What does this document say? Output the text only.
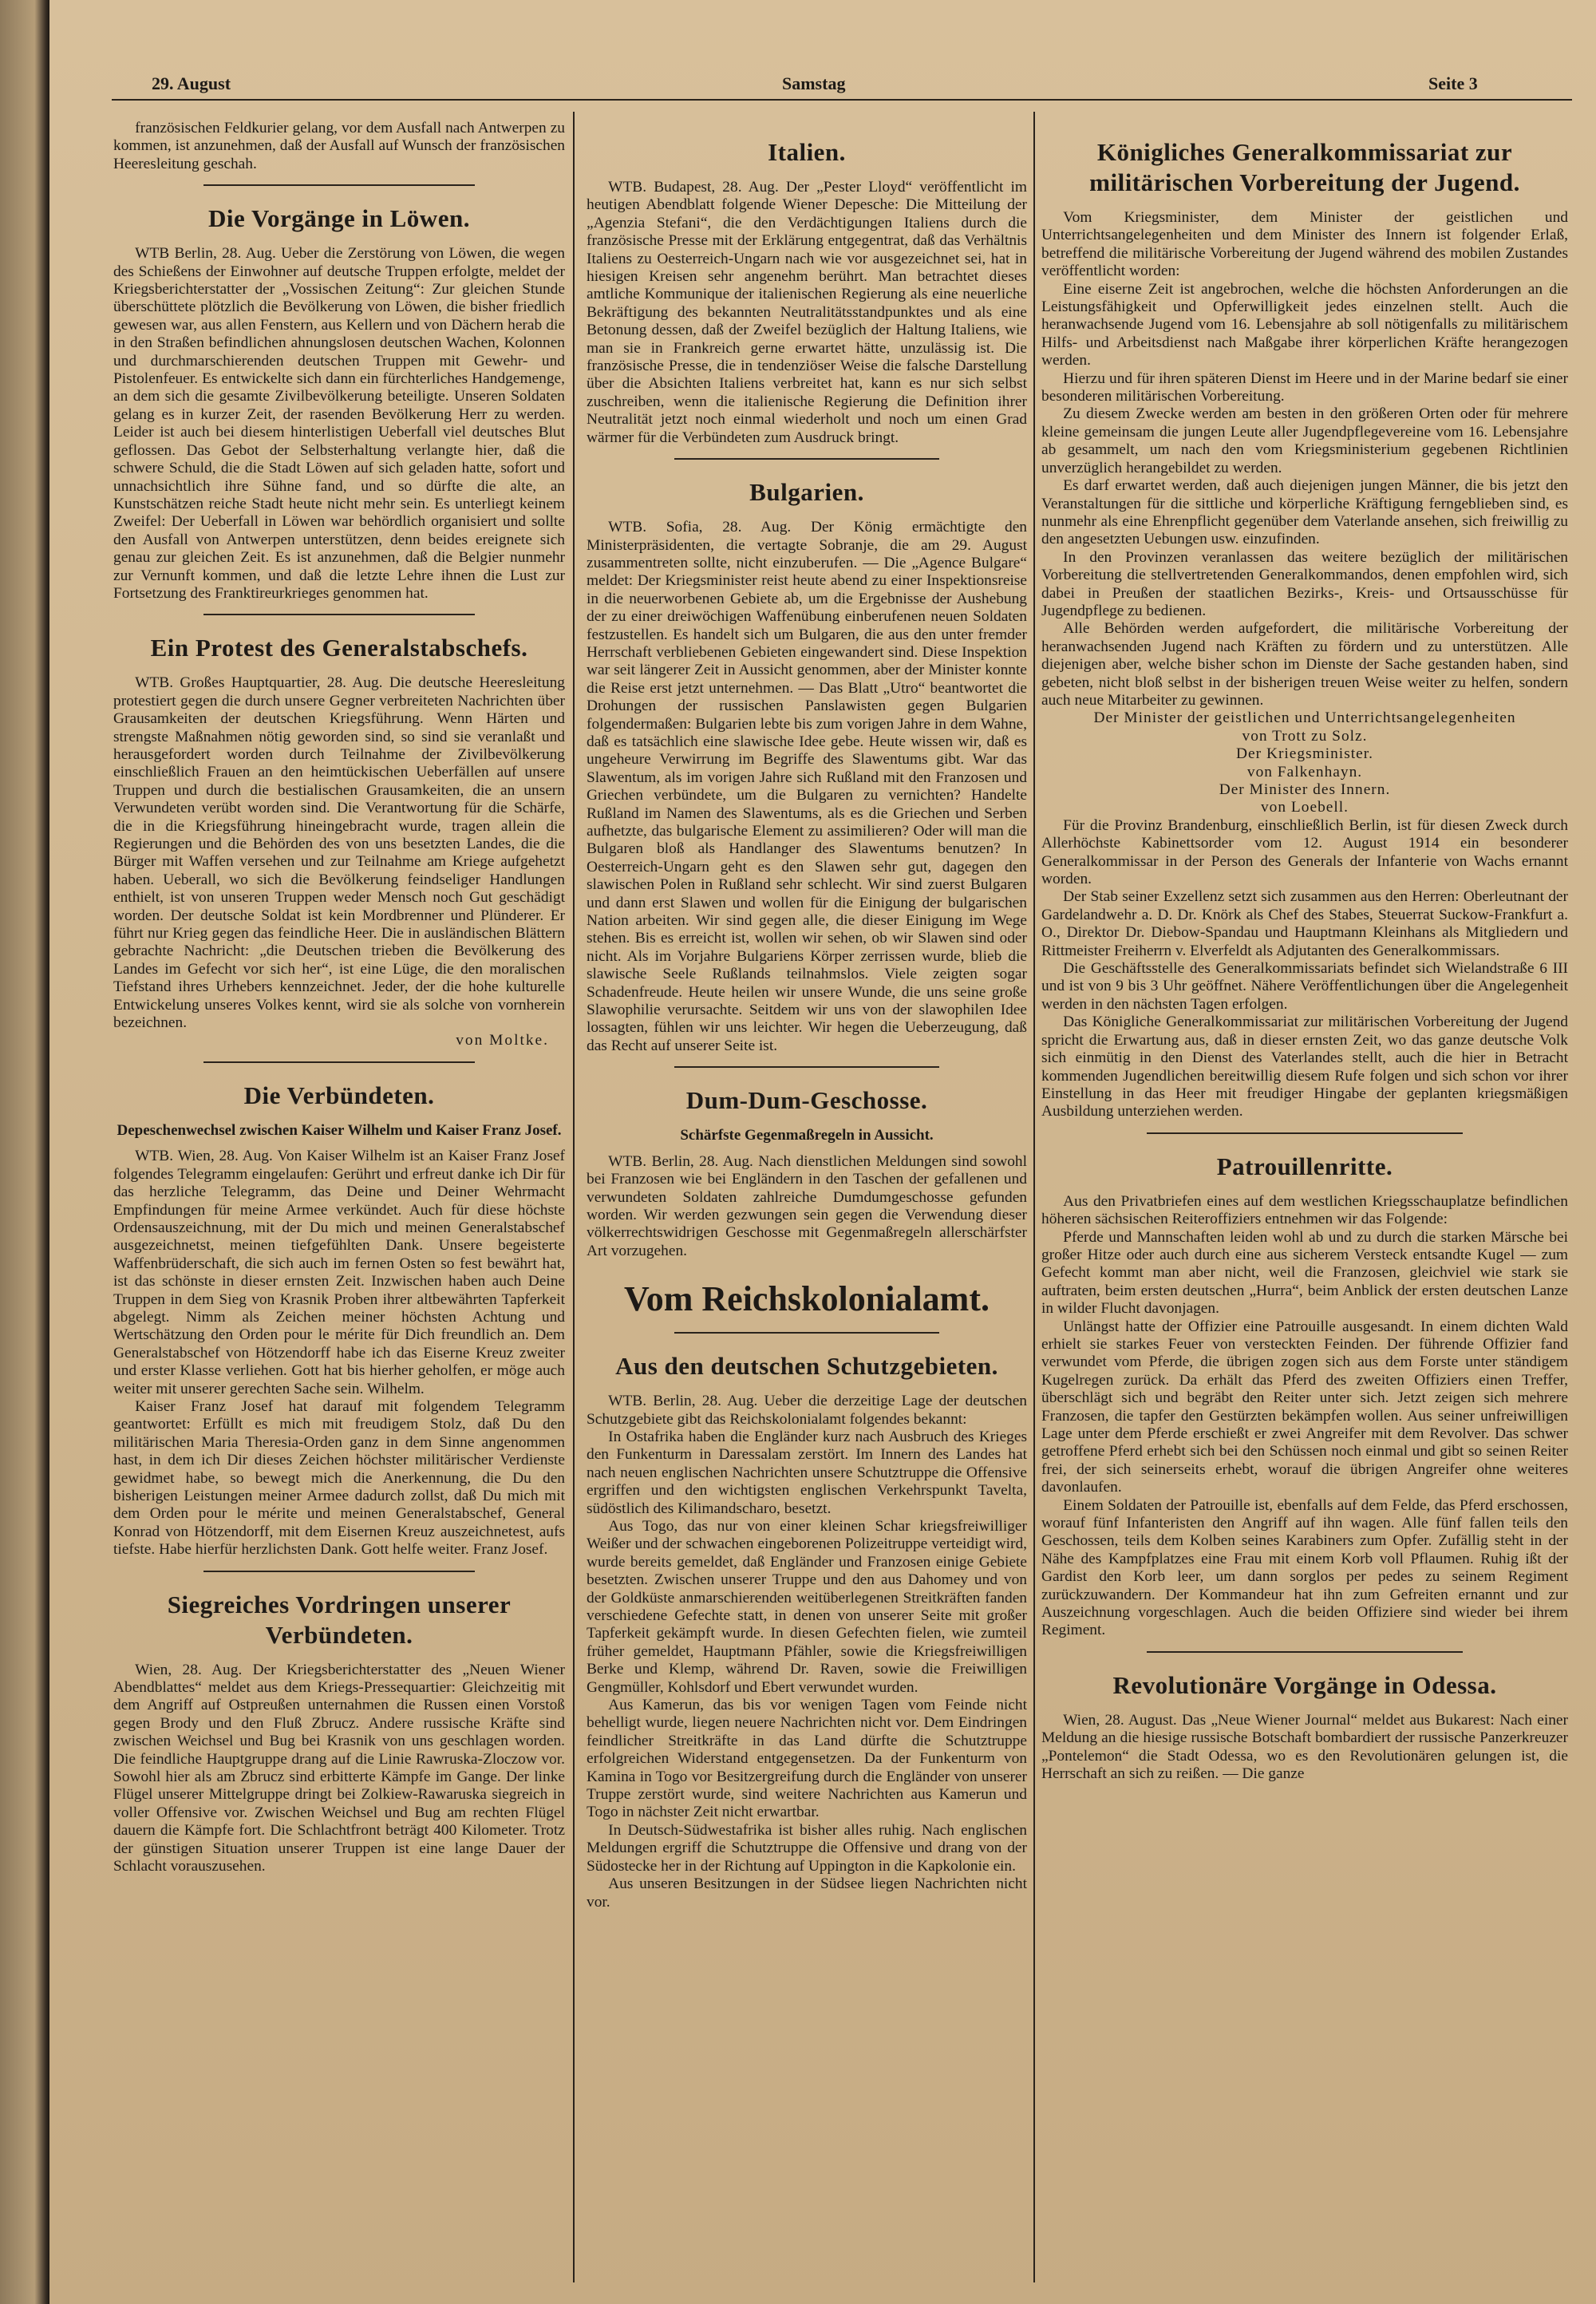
29. August	Samstag	Seite 3

französischen Feldkurier gelang, vor dem Ausfall nach Antwerpen zu kommen, ist anzunehmen, daß der Ausfall auf Wunsch der französischen Heeresleitung geschah.

Die Vorgänge in Löwen.

WTB Berlin, 28. Aug. Ueber die Zerstörung von Löwen, die wegen des Schießens der Einwohner auf deutsche Truppen erfolgte, meldet der Kriegsberichterstatter der „Vossischen Zeitung“: Zur gleichen Stunde überschüttete plötzlich die Bevölkerung von Löwen, die bisher friedlich gewesen war, aus allen Fenstern, aus Kellern und von Dächern herab die in den Straßen befindlichen ahnungslosen deutschen Wachen, Kolonnen und durchmarschierenden deutschen Truppen mit Gewehr- und Pistolenfeuer. Es entwickelte sich dann ein fürchterliches Handgemenge, an dem sich die gesamte Zivilbevölkerung beteiligte. Unseren Soldaten gelang es in kurzer Zeit, der rasenden Bevölkerung Herr zu werden. Leider ist auch bei diesem hinterlistigen Ueberfall viel deutsches Blut geflossen. Das Gebot der Selbsterhaltung verlangte hier, daß die schwere Schuld, die die Stadt Löwen auf sich geladen hatte, sofort und unnachsichtlich ihre Sühne fand, und so dürfte die alte, an Kunstschätzen reiche Stadt heute nicht mehr sein. Es unterliegt keinem Zweifel: Der Ueberfall in Löwen war behördlich organisiert und sollte den Ausfall von Antwerpen unterstützen, denn beides ereignete sich genau zur gleichen Zeit. Es ist anzunehmen, daß die Belgier nunmehr zur Vernunft kommen, und daß die letzte Lehre ihnen die Lust zur Fortsetzung des Franktireurkrieges genommen hat.

Ein Protest des Generalstabschefs.

WTB. Großes Hauptquartier, 28. Aug. Die deutsche Heeresleitung protestiert gegen die durch unsere Gegner verbreiteten Nachrichten über Grausamkeiten der deutschen Kriegsführung. Wenn Härten und strengste Maßnahmen nötig geworden sind, so sind sie veranlaßt und herausgefordert worden durch Teilnahme der Zivilbevölkerung einschließlich Frauen an den heimtückischen Ueberfällen auf unsere Truppen und durch die bestialischen Grausamkeiten, die an unsern Verwundeten verübt worden sind. Die Verantwortung für die Schärfe, die in die Kriegsführung hineingebracht wurde, tragen allein die Regierungen und die Behörden des von uns besetzten Landes, die die Bürger mit Waffen versehen und zur Teilnahme am Kriege aufgehetzt haben. Ueberall, wo sich die Bevölkerung feindseliger Handlungen enthielt, ist von unseren Truppen weder Mensch noch Gut geschädigt worden. Der deutsche Soldat ist kein Mordbrenner und Plünderer. Er führt nur Krieg gegen das feindliche Heer. Die in ausländischen Blättern gebrachte Nachricht: „die Deutschen trieben die Bevölkerung des Landes im Gefecht vor sich her“, ist eine Lüge, die den moralischen Tiefstand ihres Urhebers kennzeichnet. Jeder, der die hohe kulturelle Entwickelung unseres Volkes kennt, wird sie als solche von vornherein bezeichnen.

von Moltke.
Die Verbündeten.
Depeschenwechsel zwischen Kaiser Wilhelm und Kaiser Franz Josef.

WTB. Wien, 28. Aug. Von Kaiser Wilhelm ist an Kaiser Franz Josef folgendes Telegramm eingelaufen: Gerührt und erfreut danke ich Dir für das herzliche Telegramm, das Deine und Deiner Wehrmacht Empfindungen für meine Armee verkündet. Auch für diese höchste Ordensauszeichnung, mit der Du mich und meinen Generalstabschef ausgezeichnetst, meinen tiefgefühlten Dank. Unsere begeisterte Waffenbrüderschaft, die sich auch im fernen Osten so fest bewährt hat, ist das schönste in dieser ernsten Zeit. Inzwischen haben auch Deine Truppen in dem Sieg von Krasnik Proben ihrer altbewährten Tapferkeit abgelegt. Nimm als Zeichen meiner höchsten Achtung und Wertschätzung den Orden pour le mérite für Dich freundlich an. Dem Generalstabschef von Hötzendorff habe ich das Eiserne Kreuz zweiter und erster Klasse verliehen. Gott hat bis hierher geholfen, er möge auch weiter mit unserer gerechten Sache sein. Wilhelm.

Kaiser Franz Josef hat darauf mit folgendem Telegramm geantwortet: Erfüllt es mich mit freudigem Stolz, daß Du den militärischen Maria Theresia-Orden ganz in dem Sinne angenommen hast, in dem ich Dir dieses Zeichen höchster militärischer Verdienste gewidmet habe, so bewegt mich die Anerkennung, die Du den bisherigen Leistungen meiner Armee dadurch zollst, daß Du mich mit dem Orden pour le mérite und meinen Generalstabschef, General Konrad von Hötzendorff, mit dem Eisernen Kreuz auszeichnetest, aufs tiefste. Habe hierfür herzlichsten Dank. Gott helfe weiter. Franz Josef.

Siegreiches Vordringen unserer Verbündeten.

Wien, 28. Aug. Der Kriegsberichterstatter des „Neuen Wiener Abendblattes“ meldet aus dem Kriegs-Pressequartier: Gleichzeitig mit dem Angriff auf Ostpreußen unternahmen die Russen einen Vorstoß gegen Brody und den Fluß Zbrucz. Andere russische Kräfte sind zwischen Weichsel und Bug bei Krasnik von uns geschlagen worden. Die feindliche Hauptgruppe drang auf die Linie Rawruska-Zloczow vor. Sowohl hier als am Zbrucz sind erbitterte Kämpfe im Gange. Der linke Flügel unserer Mittelgruppe dringt bei Zolkiew-Rawaruska siegreich in voller Offensive vor. Zwischen Weichsel und Bug am rechten Flügel dauern die Kämpfe fort. Die Schlachtfront beträgt 400 Kilometer. Trotz der günstigen Situation unserer Truppen ist eine lange Dauer der Schlacht vorauszusehen.

Italien.

WTB. Budapest, 28. Aug. Der „Pester Lloyd“ veröffentlicht im heutigen Abendblatt folgende Wiener Depesche: Die Mitteilung der „Agenzia Stefani“, die den Verdächtigungen Italiens durch die französische Presse mit der Erklärung entgegentrat, daß das Verhältnis Italiens zu Oesterreich-Ungarn nach wie vor ausgezeichnet sei, hat in hiesigen Kreisen sehr angenehm berührt. Man betrachtet dieses amtliche Kommunique der italienischen Regierung als eine neuerliche Bekräftigung des bekannten Neutralitätsstandpunktes und als eine Betonung dessen, daß der Zweifel bezüglich der Haltung Italiens, wie man sie in Frankreich gerne erwartet hätte, unzulässig ist. Die französische Presse, die in tendenziöser Weise die falsche Darstellung über die Absichten Italiens verbreitet hat, kann es nur sich selbst zuschreiben, wenn die italienische Regierung die Definition ihrer Neutralität jetzt noch einmal wiederholt und noch um einen Grad wärmer für die Verbündeten zum Ausdruck bringt.

Bulgarien.

WTB. Sofia, 28. Aug. Der König ermächtigte den Ministerpräsidenten, die vertagte Sobranje, die am 29. August zusammentreten sollte, nicht einzuberufen. — Die „Agence Bulgare“ meldet: Der Kriegsminister reist heute abend zu einer Inspektionsreise in die neuerworbenen Gebiete ab, um die Ergebnisse der Aushebung der zu einer dreiwöchigen Waffenübung einberufenen neuen Soldaten festzustellen. Es handelt sich um Bulgaren, die aus den unter fremder Herrschaft verbliebenen Gebieten eingewandert sind. Diese Inspektion war seit längerer Zeit in Aussicht genommen, aber der Minister konnte die Reise erst jetzt unternehmen. — Das Blatt „Utro“ beantwortet die Drohungen der russischen Panslawisten gegen Bulgarien folgendermaßen: Bulgarien lebte bis zum vorigen Jahre in dem Wahne, daß es tatsächlich eine slawische Idee gebe. Heute wissen wir, daß es ungeheure Verwirrung im Begriffe des Slawentums gibt. War das Slawentum, als im vorigen Jahre sich Rußland mit den Franzosen und Griechen verbündete, um die Bulgaren zu vernichten? Handelte Rußland im Namen des Slawentums, als es die Griechen und Serben aufhetzte, das bulgarische Element zu assimilieren? Oder will man die Bulgaren bloß als Handlanger des Slawentums benutzen? In Oesterreich-Ungarn geht es den Slawen sehr gut, dagegen den slawischen Polen in Rußland sehr schlecht. Wir sind zuerst Bulgaren und dann erst Slawen und wollen für die Einigung der bulgarischen Nation arbeiten. Wir sind gegen alle, die dieser Einigung im Wege stehen. Bis es erreicht ist, wollen wir sehen, ob wir Slawen sind oder nicht. Als im Vorjahre Bulgariens Körper zerrissen wurde, blieb die slawische Seele Rußlands teilnahmslos. Viele zeigten sogar Schadenfreude. Heute heilen wir unsere Wunde, die uns seine große Slawophilie verursachte. Seitdem wir uns von der slawophilen Idee lossagten, fühlen wir uns leichter. Wir hegen die Ueberzeugung, daß das Recht auf unserer Seite ist.

Dum-Dum-Geschosse.
Schärfste Gegenmaßregeln in Aussicht.

WTB. Berlin, 28. Aug. Nach dienstlichen Meldungen sind sowohl bei Franzosen wie bei Engländern in den Taschen der gefallenen und verwundeten Soldaten zahlreiche Dumdumgeschosse gefunden worden. Wir werden gezwungen sein gegen die Verwendung dieser völkerrechtswidrigen Geschosse mit Gegenmaßregeln allerschärfster Art vorzugehen.

Vom Reichskolonialamt.
Aus den deutschen Schutzgebieten.

WTB. Berlin, 28. Aug. Ueber die derzeitige Lage der deutschen Schutzgebiete gibt das Reichskolonialamt folgendes bekannt:

In Ostafrika haben die Engländer kurz nach Ausbruch des Krieges den Funkenturm in Daressalam zerstört. Im Innern des Landes hat nach neuen englischen Nachrichten unsere Schutztruppe die Offensive ergriffen und den wichtigsten englischen Verkehrspunkt Tavelta, südöstlich des Kilimandscharo, besetzt.

Aus Togo, das nur von einer kleinen Schar kriegsfreiwilliger Weißer und der schwachen eingeborenen Polizeitruppe verteidigt wird, wurde bereits gemeldet, daß Engländer und Franzosen einige Gebiete besetzten. Zwischen unserer Truppe und den aus Dahomey und von der Goldküste anmarschierenden weitüberlegenen Streitkräften fanden verschiedene Gefechte statt, in denen von unserer Seite mit großer Tapferkeit gekämpft wurde. In diesen Gefechten fielen, wie zumteil früher gemeldet, Hauptmann Pfähler, sowie die Kriegsfreiwilligen Berke und Klemp, während Dr. Raven, sowie die Freiwilligen Gengmüller, Kohlsdorf und Ebert verwundet wurden.

Aus Kamerun, das bis vor wenigen Tagen vom Feinde nicht behelligt wurde, liegen neuere Nachrichten nicht vor. Dem Eindringen feindlicher Streitkräfte in das Land dürfte die Schutztruppe erfolgreichen Widerstand entgegensetzen. Da der Funkenturm von Kamina in Togo vor Besitzergreifung durch die Engländer von unserer Truppe zerstört wurde, sind weitere Nachrichten aus Kamerun und Togo in nächster Zeit nicht erwartbar.

In Deutsch-Südwestafrika ist bisher alles ruhig. Nach englischen Meldungen ergriff die Schutztruppe die Offensive und drang von der Südostecke her in der Richtung auf Uppington in die Kapkolonie ein.

Aus unseren Besitzungen in der Südsee liegen Nachrichten nicht vor.

Königliches Generalkommissariat zur militärischen Vorbereitung der Jugend.

Vom Kriegsminister, dem Minister der geistlichen und Unterrichtsangelegenheiten und dem Minister des Innern ist folgender Erlaß, betreffend die militärische Vorbereitung der Jugend während des mobilen Zustandes veröffentlicht worden:

Eine eiserne Zeit ist angebrochen, welche die höchsten Anforderungen an die Leistungsfähigkeit und Opferwilligkeit jedes einzelnen stellt. Auch die heranwachsende Jugend vom 16. Lebensjahre ab soll nötigenfalls zu militärischem Hilfs- und Arbeitsdienst nach Maßgabe ihrer körperlichen Kräfte herangezogen werden.

Hierzu und für ihren späteren Dienst im Heere und in der Marine bedarf sie einer besonderen militärischen Vorbereitung.

Zu diesem Zwecke werden am besten in den größeren Orten oder für mehrere kleine gemeinsam die jungen Leute aller Jugendpflegevereine vom 16. Lebensjahre ab gesammelt, um nach den vom Kriegsministerium gegebenen Richtlinien unverzüglich herangebildet zu werden.

Es darf erwartet werden, daß auch diejenigen jungen Männer, die bis jetzt den Veranstaltungen für die sittliche und körperliche Kräftigung ferngeblieben sind, es nunmehr als eine Ehrenpflicht gegenüber dem Vaterlande ansehen, sich freiwillig zu den angesetzten Uebungen usw. einzufinden.

In den Provinzen veranlassen das weitere bezüglich der militärischen Vorbereitung die stellvertretenden Generalkommandos, denen empfohlen wird, sich dabei in Preußen der staatlichen Bezirks-, Kreis- und Ortsausschüsse für Jugendpflege zu bedienen.

Alle Behörden werden aufgefordert, die militärische Vorbereitung der heranwachsenden Jugend nach Kräften zu fördern und zu unterstützen. Alle diejenigen aber, welche bisher schon im Dienste der Sache gestanden haben, sind gebeten, nicht bloß selbst in der bisherigen treuen Weise weiter zu helfen, sondern auch neue Mitarbeiter zu gewinnen.

Der Minister der geistlichen und Unterrichtsangelegenheiten
von Trott zu Solz.
Der Kriegsminister.
von Falkenhayn.
Der Minister des Innern.
von Loebell.

Für die Provinz Brandenburg, einschließlich Berlin, ist für diesen Zweck durch Allerhöchste Kabinettsorder vom 12. August 1914 ein besonderer Generalkommissar in der Person des Generals der Infanterie von Wachs ernannt worden.

Der Stab seiner Exzellenz setzt sich zusammen aus den Herren: Oberleutnant der Gardelandwehr a. D. Dr. Knörk als Chef des Stabes, Steuerrat Suckow-Frankfurt a. O., Direktor Dr. Diebow-Spandau und Hauptmann Kleinhans als Mitgliedern und Rittmeister Freiherrn v. Elverfeldt als Adjutanten des Generalkommissars.

Die Geschäftsstelle des Generalkommissariats befindet sich Wielandstraße 6 III und ist von 9 bis 3 Uhr geöffnet. Nähere Veröffentlichungen über die Angelegenheit werden in den nächsten Tagen erfolgen.

Das Königliche Generalkommissariat zur militärischen Vorbereitung der Jugend spricht die Erwartung aus, daß in dieser ernsten Zeit, wo das ganze deutsche Volk sich einmütig in den Dienst des Vaterlandes stellt, auch die hier in Betracht kommenden Jugendlichen bereitwillig diesem Rufe folgen und sich schon vor ihrer Einstellung in das Heer mit freudiger Hingabe der geplanten kriegsmäßigen Ausbildung unterziehen werden.

Patrouillenritte.

Aus den Privatbriefen eines auf dem westlichen Kriegsschauplatze befindlichen höheren sächsischen Reiteroffiziers entnehmen wir das Folgende:

Pferde und Mannschaften leiden wohl ab und zu durch die starken Märsche bei großer Hitze oder auch durch eine aus sicherem Versteck entsandte Kugel — zum Gefecht kommt man aber nicht, weil die Franzosen, gleichviel wie stark sie auftraten, beim ersten deutschen „Hurra“, beim Anblick der ersten deutschen Lanze in wilder Flucht davonjagen.

Unlängst hatte der Offizier eine Patrouille ausgesandt. In einem dichten Wald erhielt sie starkes Feuer von versteckten Feinden. Der führende Offizier fand verwundet vom Pferde, die übrigen zogen sich aus dem Forste unter ständigem Kugelregen zurück. Da erhält das Pferd des zweiten Offiziers einen Treffer, überschlägt sich und begräbt den Reiter unter sich. Jetzt zeigen sich mehrere Franzosen, die tapfer den Gestürzten bekämpfen wollen. Aus seiner unfreiwilligen Lage unter dem Pferde erschießt er zwei Angreifer mit dem Revolver. Das schwer getroffene Pferd erhebt sich bei den Schüssen noch einmal und gibt so seinen Reiter frei, der sich seinerseits erhebt, worauf die übrigen Angreifer ohne weiteres davonlaufen.

Einem Soldaten der Patrouille ist, ebenfalls auf dem Felde, das Pferd erschossen, worauf fünf Infanteristen den Angriff auf ihn wagen. Alle fünf fallen teils den Geschossen, teils dem Kolben seines Karabiners zum Opfer. Zufällig steht in der Nähe des Kampfplatzes eine Frau mit einem Korb voll Pflaumen. Ruhig ißt der Gardist den Korb leer, um dann sorglos per pedes zu seinem Regiment zurückzuwandern. Der Kommandeur hat ihn zum Gefreiten ernannt und zur Auszeichnung vorgeschlagen. Auch die beiden Offiziere sind wieder bei ihrem Regiment.

Revolutionäre Vorgänge in Odessa.

Wien, 28. August. Das „Neue Wiener Journal“ meldet aus Bukarest: Nach einer Meldung an die hiesige russische Botschaft bombardiert der russische Panzerkreuzer „Pontelemon“ die Stadt Odessa, wo es den Revolutionären gelungen ist, die Herrschaft an sich zu reißen. — Die ganze
